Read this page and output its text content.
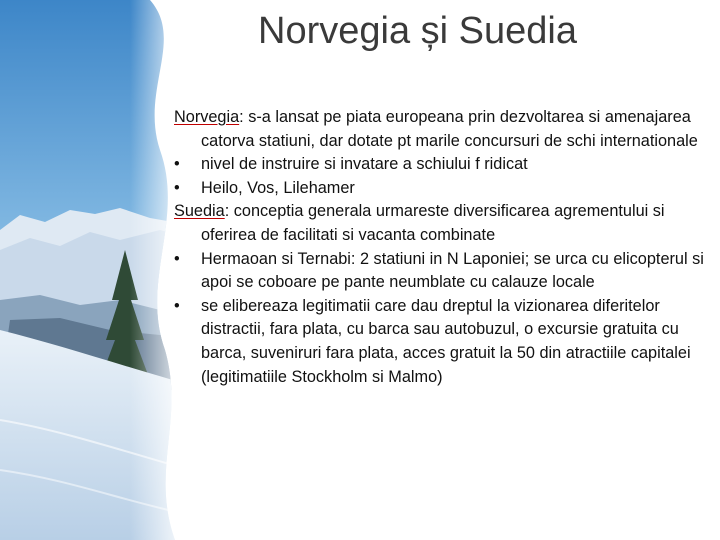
Norvegia și Suedia

Norvegia: s-a lansat pe piata europeana prin dezvoltarea si amenajarea catorva statiuni, dar dotate pt marile concursuri de schi internationale

• nivel de instruire si invatare a schiului f ridicat

• Heilo, Vos, Lilehamer

Suedia: conceptia generala urmareste diversificarea agrementului si oferirea de facilitati si vacanta combinate

• Hermaoan si Ternabi: 2 statiuni in N Laponiei; se urca cu elicopterul si apoi se coboare pe pante neumblate cu calauze locale

• se elibereaza legitimatii care dau dreptul la vizionarea diferitelor distractii, fara plata, cu barca sau autobuzul, o excursie gratuita cu barca, suveniruri fara plata, acces gratuit la 50 din atractiile capitalei (legitimatiile Stockholm si Malmo)
